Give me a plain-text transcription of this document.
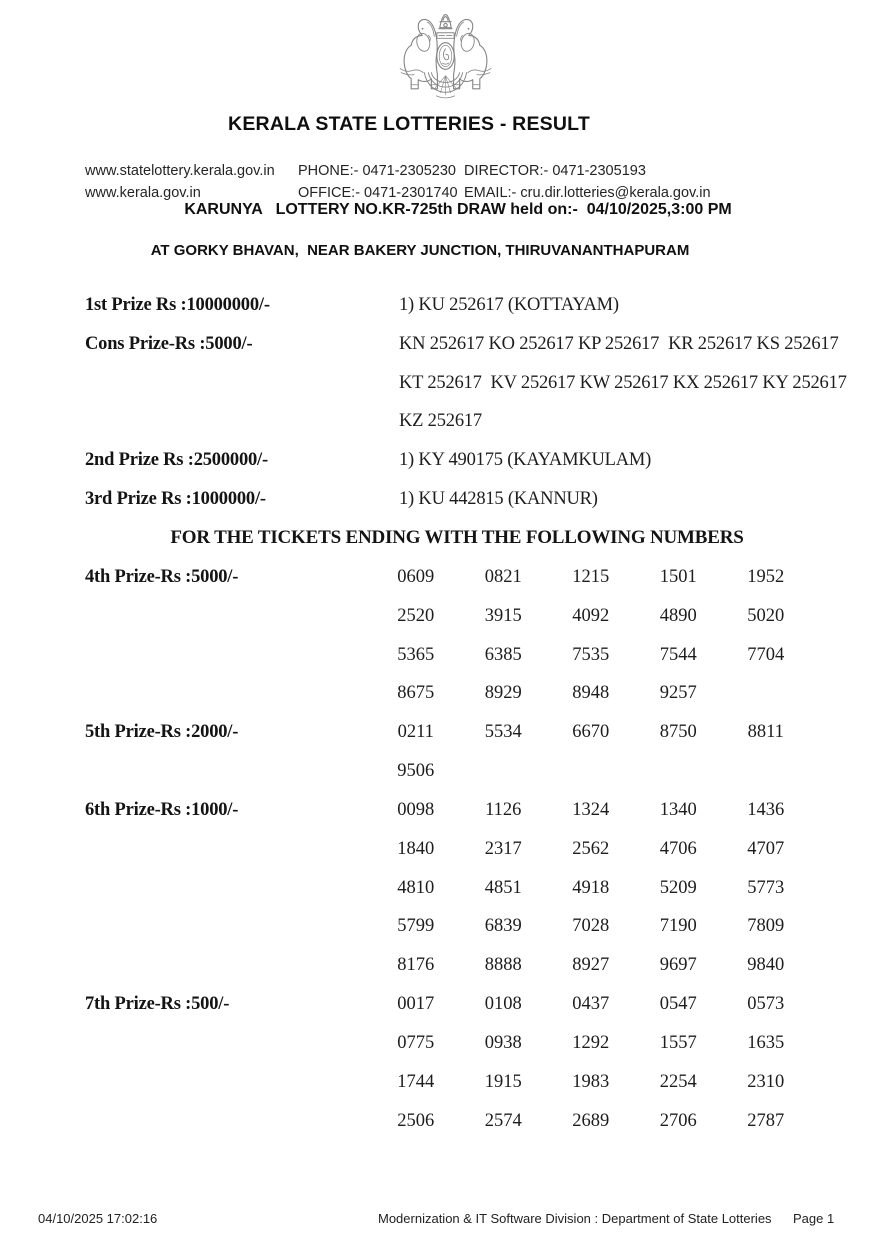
KERALA STATE LOTTERIES - RESULT
www.statelottery.kerala.gov.in	PHONE:- 0471-2305230 DIRECTOR:- 0471-2305193
www.kerala.gov.in	OFFICE:- 0471-2301740 EMAIL:- cru.dir.lotteries@kerala.gov.in
KARUNYA   LOTTERY NO.KR-725th DRAW held on:-  04/10/2025,3:00 PM
AT GORKY BHAVAN,  NEAR BAKERY JUNCTION, THIRUVANANTHAPURAM
1st Prize Rs :10000000/-	1) KU 252617 (KOTTAYAM)
Cons Prize-Rs :5000/-	KN 252617 KO 252617 KP 252617  KR 252617 KS 252617
KT 252617  KV 252617 KW 252617 KX 252617 KY 252617
KZ 252617
2nd Prize Rs :2500000/-	1) KY 490175 (KAYAMKULAM)
3rd Prize Rs :1000000/-	1) KU 442815 (KANNUR)
FOR THE TICKETS ENDING WITH THE FOLLOWING NUMBERS
4th Prize-Rs :5000/-	0609	0821	1215	1501	1952
2520	3915	4092	4890	5020
5365	6385	7535	7544	7704
8675	8929	8948	9257
5th Prize-Rs :2000/-	0211	5534	6670	8750	8811
9506
6th Prize-Rs :1000/-	0098	1126	1324	1340	1436
1840	2317	2562	4706	4707
4810	4851	4918	5209	5773
5799	6839	7028	7190	7809
8176	8888	8927	9697	9840
7th Prize-Rs :500/-	0017	0108	0437	0547	0573
0775	0938	1292	1557	1635
1744	1915	1983	2254	2310
2506	2574	2689	2706	2787
04/10/2025 17:02:16	Modernization & IT Software Division : Department of State Lotteries Page 1
